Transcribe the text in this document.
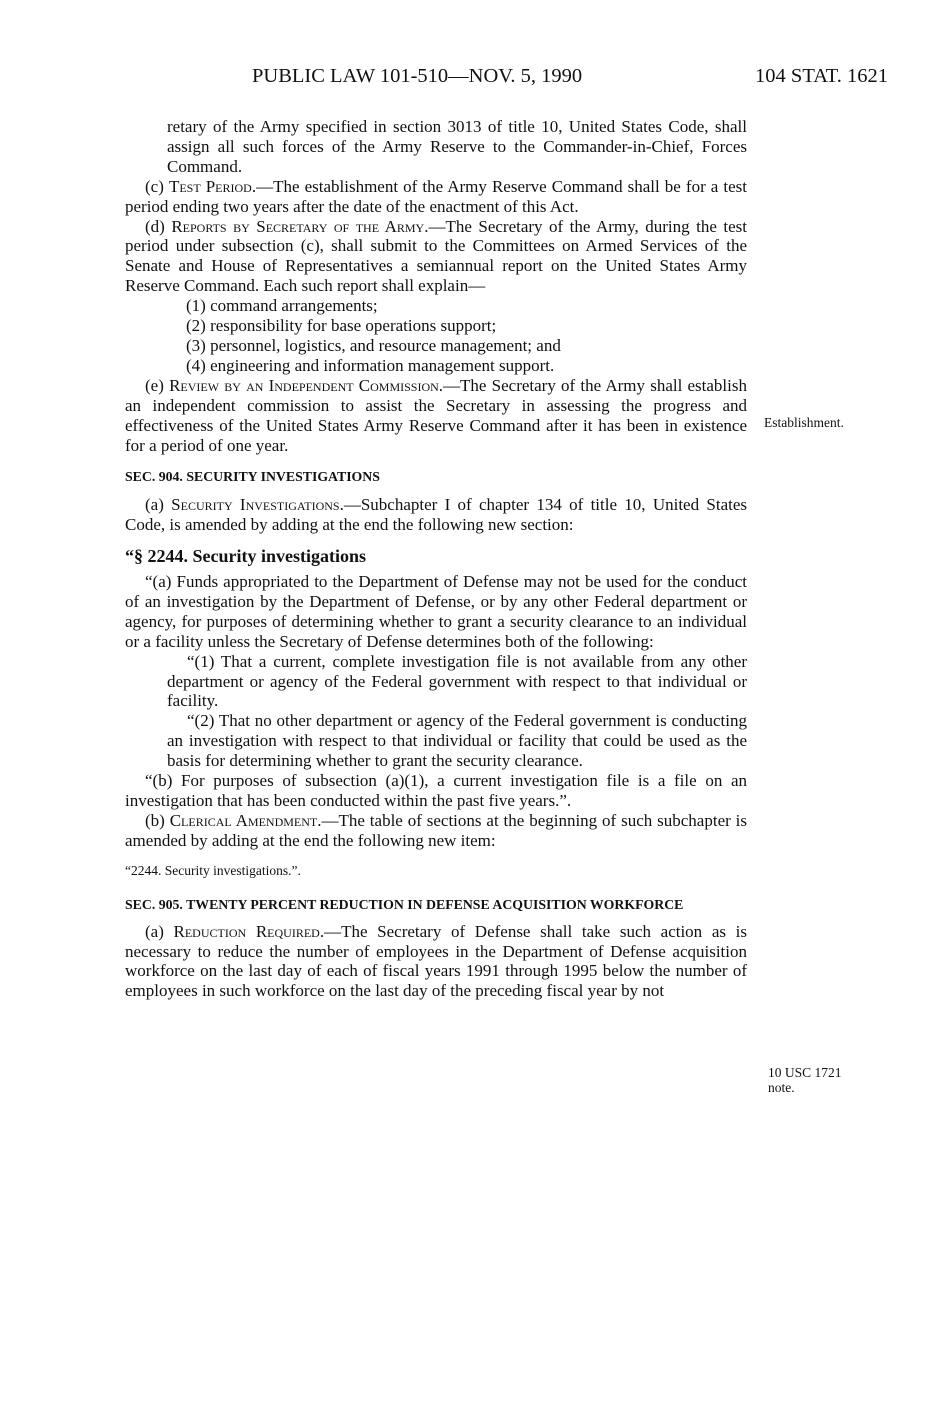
PUBLIC LAW 101-510—NOV. 5, 1990	104 STAT. 1621
Establishment.
10 USC 1721
note.

retary of the Army specified in section 3013 of title 10, United States Code, shall assign all such forces of the Army Reserve to the Commander-in-Chief, Forces Command.

(c) Test Period.—The establishment of the Army Reserve Command shall be for a test period ending two years after the date of the enactment of this Act.

(d) Reports by Secretary of the Army.—The Secretary of the Army, during the test period under subsection (c), shall submit to the Committees on Armed Services of the Senate and House of Representatives a semiannual report on the United States Army Reserve Command. Each such report shall explain—

(1) command arrangements;

(2) responsibility for base operations support;

(3) personnel, logistics, and resource management; and

(4) engineering and information management support.

(e) Review by an Independent Commission.—The Secretary of the Army shall establish an independent commission to assist the Secretary in assessing the progress and effectiveness of the United States Army Reserve Command after it has been in existence for a period of one year.

SEC. 904. SECURITY INVESTIGATIONS

(a) Security Investigations.—Subchapter I of chapter 134 of title 10, United States Code, is amended by adding at the end the following new section:

“§ 2244. Security investigations

“(a) Funds appropriated to the Department of Defense may not be used for the conduct of an investigation by the Department of Defense, or by any other Federal department or agency, for purposes of determining whether to grant a security clearance to an individual or a facility unless the Secretary of Defense determines both of the following:

“(1) That a current, complete investigation file is not available from any other department or agency of the Federal government with respect to that individual or facility.

“(2) That no other department or agency of the Federal government is conducting an investigation with respect to that individual or facility that could be used as the basis for determining whether to grant the security clearance.

“(b) For purposes of subsection (a)(1), a current investigation file is a file on an investigation that has been conducted within the past five years.”.

(b) Clerical Amendment.—The table of sections at the beginning of such subchapter is amended by adding at the end the following new item:

“2244. Security investigations.”.

SEC. 905. TWENTY PERCENT REDUCTION IN DEFENSE ACQUISITION WORKFORCE

(a) Reduction Required.—The Secretary of Defense shall take such action as is necessary to reduce the number of employees in the Department of Defense acquisition workforce on the last day of each of fiscal years 1991 through 1995 below the number of employees in such workforce on the last day of the preceding fiscal year by not
